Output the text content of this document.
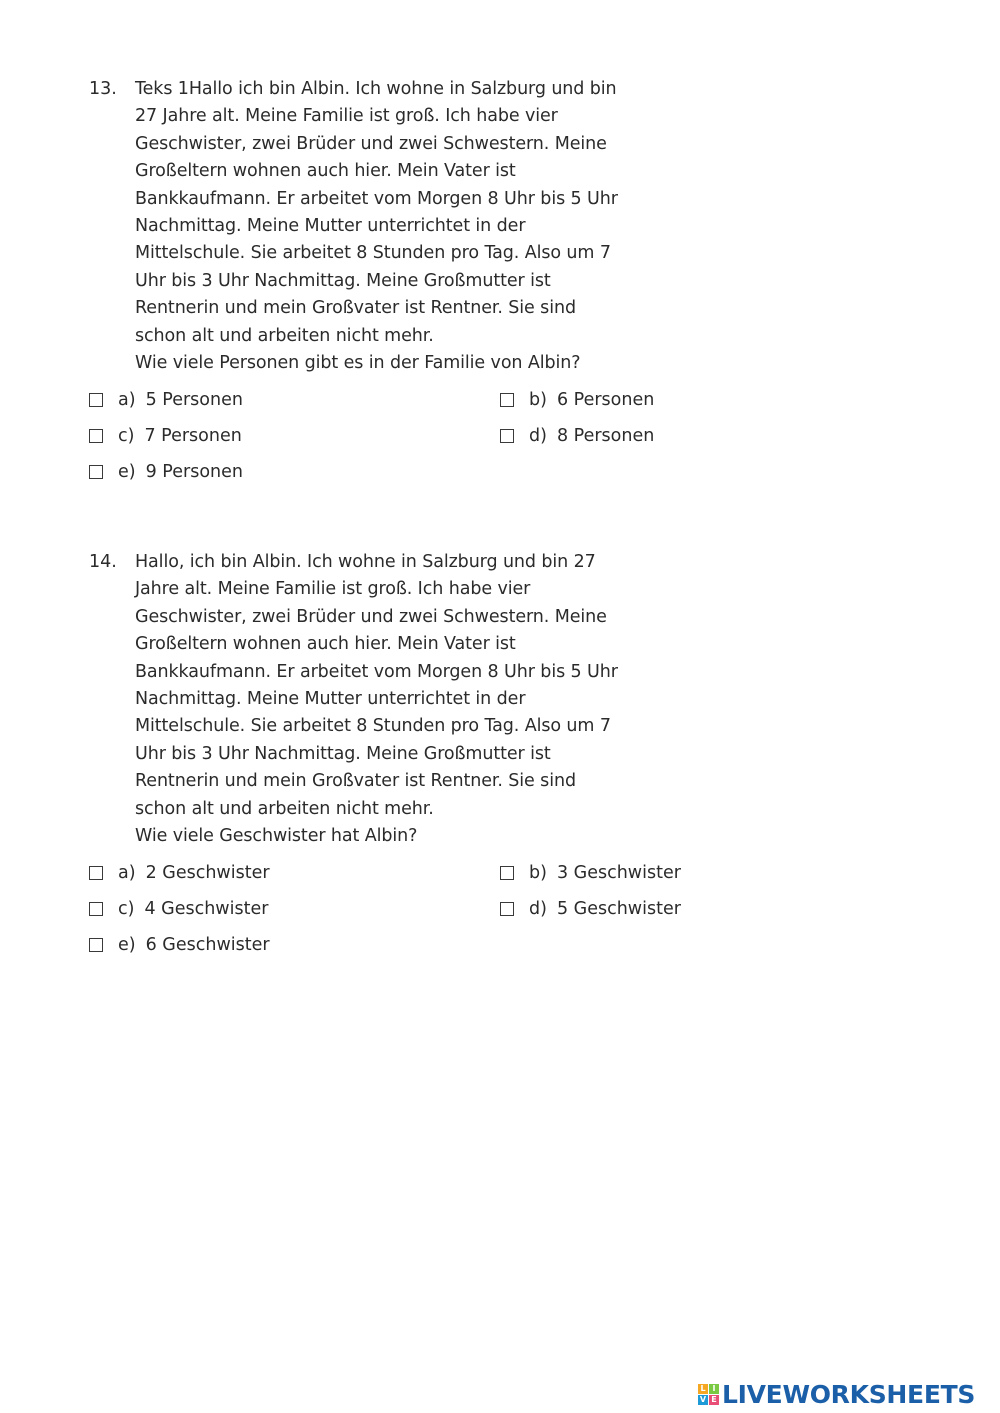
13.	Teks 1Hallo ich bin Albin. Ich wohne in Salzburg und bin
27 Jahre alt. Meine Familie ist groß. Ich habe vier
Geschwister, zwei Brüder und zwei Schwestern. Meine
Großeltern wohnen auch hier. Mein Vater ist
Bankkaufmann. Er arbeitet vom Morgen 8 Uhr bis 5 Uhr
Nachmittag. Meine Mutter unterrichtet in der
Mittelschule. Sie arbeitet 8 Stunden pro Tag. Also um 7
Uhr bis 3 Uhr Nachmittag. Meine Großmutter ist
Rentnerin und mein Großvater ist Rentner. Sie sind
schon alt und arbeiten nicht mehr.
Wie viele Personen gibt es in der Familie von Albin?
a) 5 Personen	b) 6 Personen
c) 7 Personen	d) 8 Personen
e) 9 Personen
14.	Hallo, ich bin Albin. Ich wohne in Salzburg und bin 27
Jahre alt. Meine Familie ist groß. Ich habe vier
Geschwister, zwei Brüder und zwei Schwestern. Meine
Großeltern wohnen auch hier. Mein Vater ist
Bankkaufmann. Er arbeitet vom Morgen 8 Uhr bis 5 Uhr
Nachmittag. Meine Mutter unterrichtet in der
Mittelschule. Sie arbeitet 8 Stunden pro Tag. Also um 7
Uhr bis 3 Uhr Nachmittag. Meine Großmutter ist
Rentnerin und mein Großvater ist Rentner. Sie sind
schon alt und arbeiten nicht mehr.
Wie viele Geschwister hat Albin?
a) 2 Geschwister	b) 3 Geschwister
c) 4 Geschwister	d) 5 Geschwister
e) 6 Geschwister
L I
V E LIVEWORKSHEETS
